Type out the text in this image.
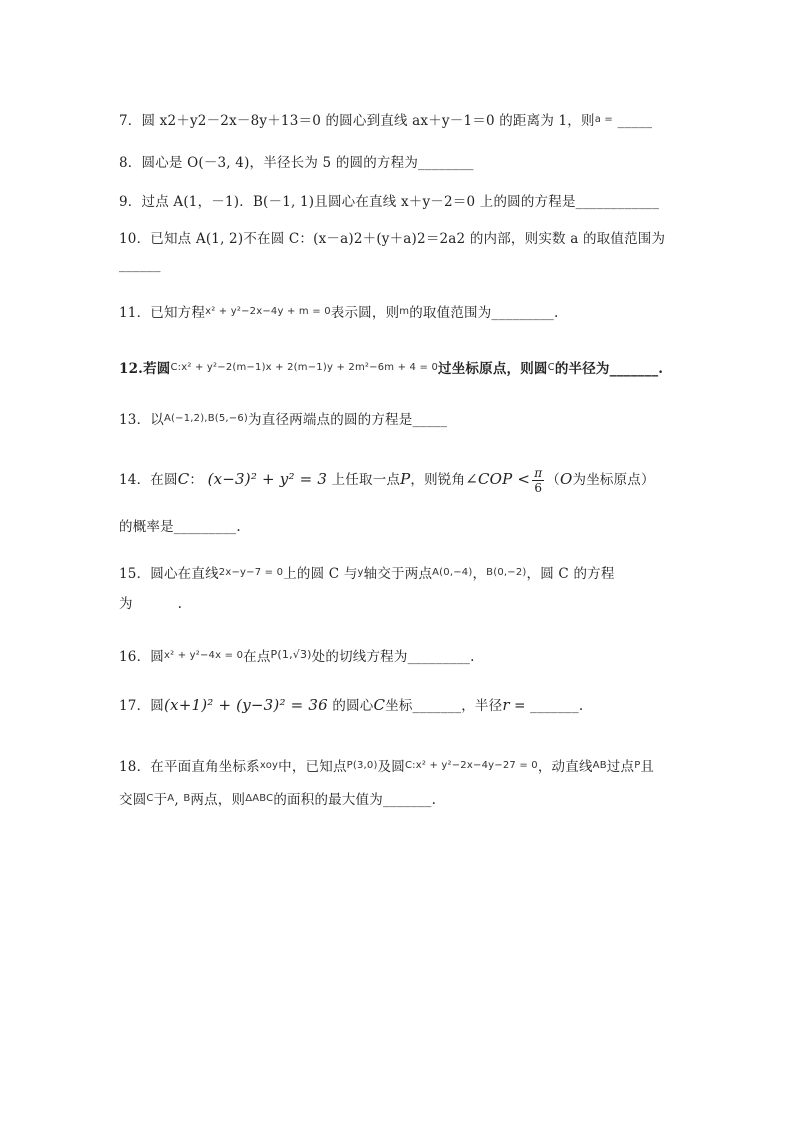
7．圆 x2＋y2－2x－8y＋13＝0 的圆心到直线 ax＋y－1＝0 的距离为 1，则$^{a =}$ _____
8．圆心是 O(－3, 4)，半径长为 5 的圆的方程为________
9．过点 A(1，－1)．B(－1, 1)且圆心在直线 x＋y－2＝0 上的圆的方程是____________
10．已知点 A(1, 2)不在圆 C：(x－a)2＋(y＋a)2＝2a2 的内部，则实数 a 的取值范围为
______
11．已知方程$^{x^2 + y^2-2x-4y + m = 0}$表示圆，则$^m$的取值范围为_________.
12.若圆$^{C:x^2 + y^2-2(m-1)x + 2(m-1)y + 2m^2-6m + 4 = 0}$过坐标原点，则圆$^C$的半径为_______.
13．以$^{A(-1,2),B(5,-6)}$为直径两端点的圆的方程是_____
14．在圆C： (x−3)² + y² = 3 上任取一点P，则锐角∠COP < $\frac{\pi}{6} (O$为坐标原点）
的概率是_________.
15．圆心在直线$^{2x-y-7 = 0}$上的圆 C 与$^y$轴交于两点$^{A(0,-4)}$，$^{B(0,-2)}$，圆 C 的方程
为          .
16．圆$^{x^2 + y^2-4x = 0}$在点$^{P(1,√3)}$处的切线方程为_________.
17．圆(x+1)² + (y−3)² = 36 的圆心C坐标_______，半径r = _______.
18．在平面直角坐标系$^{xoy}$中，已知点$^{P(3,0)}$及圆$^{C:x^2 + y^2-2x-4y-27 = 0}$，动直线$^{AB}$过点$^P$且
交圆$^C$于$^A$, $^B$两点，则$^{\Delta ABC}$的面积的最大值为_______.
